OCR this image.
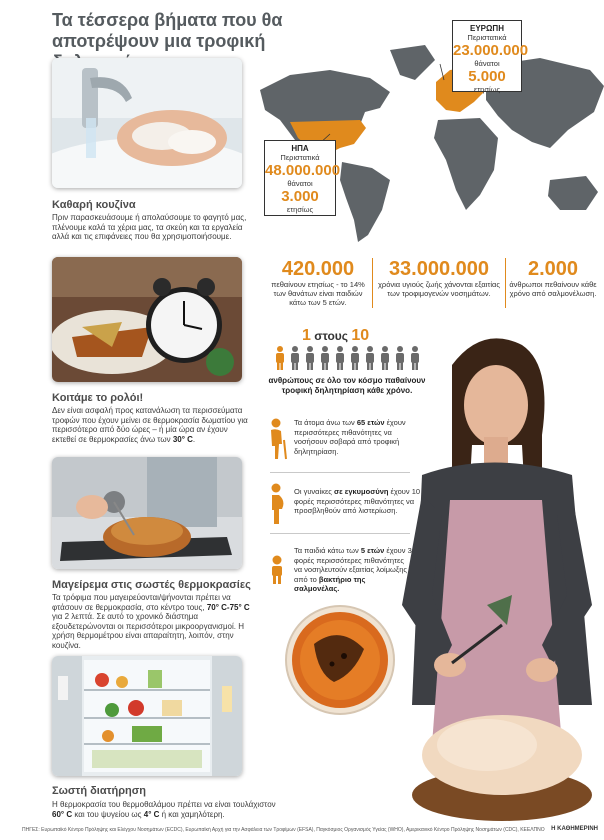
Τα τέσσερα βήματα που θα αποτρέψουν μια τροφική
Καθαρή κουζίνα
Πριν παρασκευάσουμε ή απολαύσουμε το φαγητό μας, πλένουμε καλά τα χέρια μας, τα σκεύη και τα εργαλεία αλλά και τις επιφάνειες που θα χρησιμοποιήσουμε.
Κοιτάμε το ρολόι!
Δεν είναι ασφαλή προς κατανάλωση τα περισσεύματα τροφών που έχουν μείνει σε θερμοκρασία δωματίου για περισσότερο από δύο ώρες – ή μία ώρα αν έχουν εκτεθεί σε θερμοκρασίες άνω των 30° C.
Μαγείρεμα στις σωστές θερμοκρασίες
Τα τρόφιμα που μαγειρεύονται/ψήνονται πρέπει να φτάσουν σε θερμοκρασία, στο κέντρο τους, 70° C-75° C για 2 λεπτά. Σε αυτό το χρονικό διάστημα εξουδετερώνονται οι περισσότεροι μικροοργανισμοί. Η χρήση θερμομέτρου είναι απαραίτητη, λοιπόν, στην κουζίνα.
Σωστή διατήρηση
Η θερμοκρασία του θερμοθαλάμου πρέπει να είναι τουλάχιστον 60° C και του ψυγείου ως 4° C ή και χαμηλότερη.
ΕΥΡΩΠΗ
Περιστατικά
23.000.000
θάνατοι
5.000
ετησίως
ΗΠΑ
Περιστατικά
48.000.000
θάνατοι
3.000
ετησίως
420.000
πεθαίνουν ετησίως - το 14% των θανάτων είναι παιδιών κάτω των 5 ετών.
33.000.000
χρόνια υγιούς ζωής χάνονται εξαιτίας των τροφιμογενών νοσημάτων.
2.000
άνθρωποι πεθαίνουν κάθε χρόνο από σαλμονέλωση.
1 στους 10
ανθρώπους σε όλο τον κόσμο παθαίνουν τροφική δηλητηρίαση κάθε χρόνο.
Τα άτομα άνω των 65 ετών έχουν περισσότερες πιθανότητες να νοσήσουν σοβαρά από τροφική δηλητηρίαση.
Οι γυναίκες σε εγκυμοσύνη έχουν 10 φορές περισσότερες πιθανότητες να προσβληθούν από λιστερίωση.
Τα παιδιά κάτω των 5 ετών έχουν 3 φορές περισσότερες πιθανότητες να νοσηλευτούν εξαιτίας λοίμωξης από το βακτήριο της σαλμονέλας.
ΠΗΓΕΣ: Ευρωπαϊκό Κέντρο Πρόληψης και Ελέγχου Νοσημάτων (ECDC), Ευρωπαϊκή Αρχή για την Ασφάλεια των Τροφίμων (EFSA), Παγκόσμιος Οργανισμός Υγείας (WHO), Αμερικανικό Κέντρο Πρόληψης Νοσημάτων (CDC), ΚΕΕΛΠΝΟ	Η ΚΑΘΗΜΕΡΙΝΗ
